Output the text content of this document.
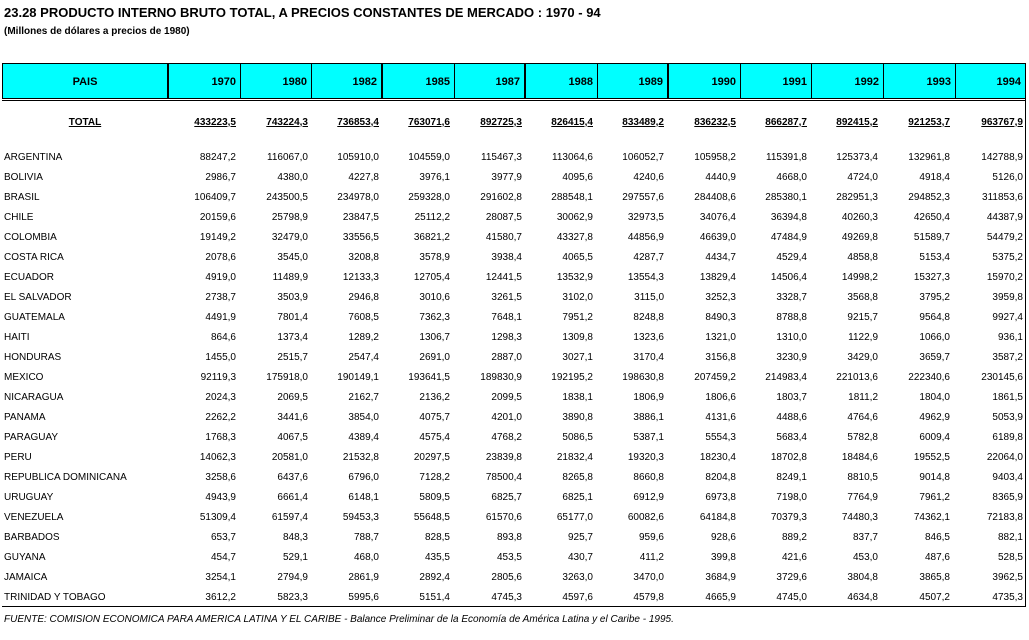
23.28 PRODUCTO INTERNO BRUTO TOTAL, A PRECIOS CONSTANTES DE MERCADO : 1970 - 94
(Millones de dólares a precios de 1980)
PAIS	1970	1980	1982	1985	1987	1988	1989	1990	1991	1992	1993	1994
TOTAL	433223,5	743224,3	736853,4	763071,6	892725,3	826415,4	833489,2	836232,5	866287,7	892415,2	921253,7	963767,9
ARGENTINA	88247,2	116067,0	105910,0	104559,0	115467,3	113064,6	106052,7	105958,2	115391,8	125373,4	132961,8	142788,9
BOLIVIA	2986,7	4380,0	4227,8	3976,1	3977,9	4095,6	4240,6	4440,9	4668,0	4724,0	4918,4	5126,0
BRASIL	106409,7	243500,5	234978,0	259328,0	291602,8	288548,1	297557,6	284408,6	285380,1	282951,3	294852,3	311853,6
CHILE	20159,6	25798,9	23847,5	25112,2	28087,5	30062,9	32973,5	34076,4	36394,8	40260,3	42650,4	44387,9
COLOMBIA	19149,2	32479,0	33556,5	36821,2	41580,7	43327,8	44856,9	46639,0	47484,9	49269,8	51589,7	54479,2
COSTA RICA	2078,6	3545,0	3208,8	3578,9	3938,4	4065,5	4287,7	4434,7	4529,4	4858,8	5153,4	5375,2
ECUADOR	4919,0	11489,9	12133,3	12705,4	12441,5	13532,9	13554,3	13829,4	14506,4	14998,2	15327,3	15970,2
EL SALVADOR	2738,7	3503,9	2946,8	3010,6	3261,5	3102,0	3115,0	3252,3	3328,7	3568,8	3795,2	3959,8
GUATEMALA	4491,9	7801,4	7608,5	7362,3	7648,1	7951,2	8248,8	8490,3	8788,8	9215,7	9564,8	9927,4
HAITI	864,6	1373,4	1289,2	1306,7	1298,3	1309,8	1323,6	1321,0	1310,0	1122,9	1066,0	936,1
HONDURAS	1455,0	2515,7	2547,4	2691,0	2887,0	3027,1	3170,4	3156,8	3230,9	3429,0	3659,7	3587,2
MEXICO	92119,3	175918,0	190149,1	193641,5	189830,9	192195,2	198630,8	207459,2	214983,4	221013,6	222340,6	230145,6
NICARAGUA	2024,3	2069,5	2162,7	2136,2	2099,5	1838,1	1806,9	1806,6	1803,7	1811,2	1804,0	1861,5
PANAMA	2262,2	3441,6	3854,0	4075,7	4201,0	3890,8	3886,1	4131,6	4488,6	4764,6	4962,9	5053,9
PARAGUAY	1768,3	4067,5	4389,4	4575,4	4768,2	5086,5	5387,1	5554,3	5683,4	5782,8	6009,4	6189,8
PERU	14062,3	20581,0	21532,8	20297,5	23839,8	21832,4	19320,3	18230,4	18702,8	18484,6	19552,5	22064,0
REPUBLICA DOMINICANA	3258,6	6437,6	6796,0	7128,2	78500,4	8265,8	8660,8	8204,8	8249,1	8810,5	9014,8	9403,4
URUGUAY	4943,9	6661,4	6148,1	5809,5	6825,7	6825,1	6912,9	6973,8	7198,0	7764,9	7961,2	8365,9
VENEZUELA	51309,4	61597,4	59453,3	55648,5	61570,6	65177,0	60082,6	64184,8	70379,3	74480,3	74362,1	72183,8
BARBADOS	653,7	848,3	788,7	828,5	893,8	925,7	959,6	928,6	889,2	837,7	846,5	882,1
GUYANA	454,7	529,1	468,0	435,5	453,5	430,7	411,2	399,8	421,6	453,0	487,6	528,5
JAMAICA	3254,1	2794,9	2861,9	2892,4	2805,6	3263,0	3470,0	3684,9	3729,6	3804,8	3865,8	3962,5
TRINIDAD Y TOBAGO	3612,2	5823,3	5995,6	5151,4	4745,3	4597,6	4579,8	4665,9	4745,0	4634,8	4507,2	4735,3
FUENTE: COMISION ECONOMICA PARA AMERICA LATINA Y EL CARIBE - Balance Preliminar de la Economía de América Latina y el Caribe - 1995.
